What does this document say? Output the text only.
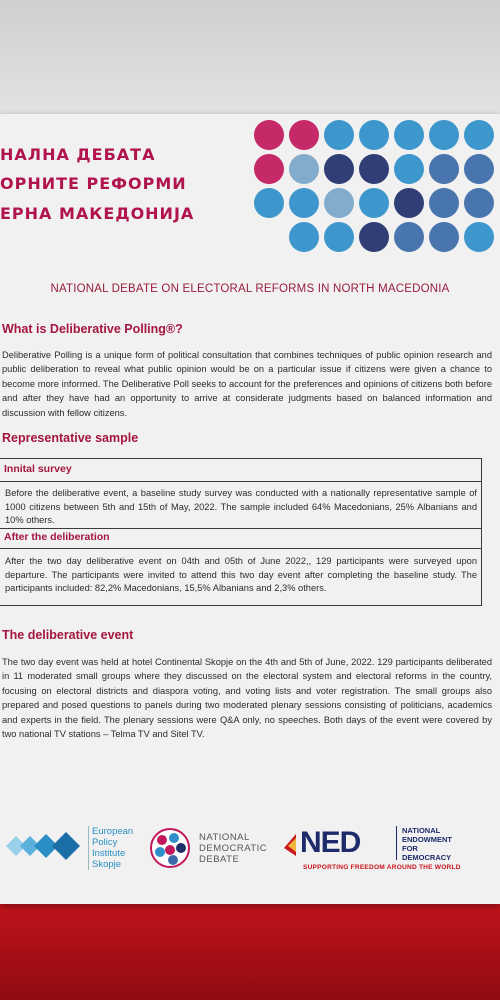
НАЛНА ДЕБАТА
ОРНИТЕ РЕФОРМИ
ЕРНА МАКЕДОНИЈА
NATIONAL DEBATE ON ELECTORAL REFORMS IN NORTH MACEDONIA
What is Deliberative Polling®?
Deliberative Polling is a unique form of political consultation that combines techniques of public opinion research and public deliberation to reveal what public opinion would be on a particular issue if citizens were given a chance to become more informed. The Deliberative Poll seeks to account for the preferences and opinions of citizens both before and after they have had an opportunity to arrive at considerate judgments based on balanced information and discussion with fellow citizens.
Representative sample
Innital survey
Before the deliberative event, a baseline study survey was conducted with a nationally representative sample of 1000 citizens between 5th and 15th of May, 2022. The sample included 64% Macedonians, 25% Albanians and 10% others.
After the deliberation
After the two day deliberative event on 04th and 05th of June 2022,, 129 participants were surveyed upon departure. The participants were invited to attend this two day event after completing the baseline study. The participants included: 82,2% Macedonians, 15,5% Albanians and 2,3% others.
The deliberative event
The two day event was held at hotel Continental Skopje on the 4th and 5th of June, 2022. 129 participants deliberated in 11 moderated small groups where they discussed on the electoral system and electoral reforms in the country, focusing on electoral districts and diaspora voting, and voting lists and voter registration. The small groups also prepared and posed questions to panels during two moderated plenary sessions consisting of politicians, academics and experts in the field. The plenary sessions were Q&A only, no speeches. Both days of the event were covered by two national TV stations – Telma TV and Sitel TV.
European
Policy
Institute
Skopje
NATIONAL
DEMOCRATIC
DEBATE
NED	NATIONAL
ENDOWMENT
FOR
DEMOCRACY
SUPPORTING FREEDOM AROUND THE WORLD
